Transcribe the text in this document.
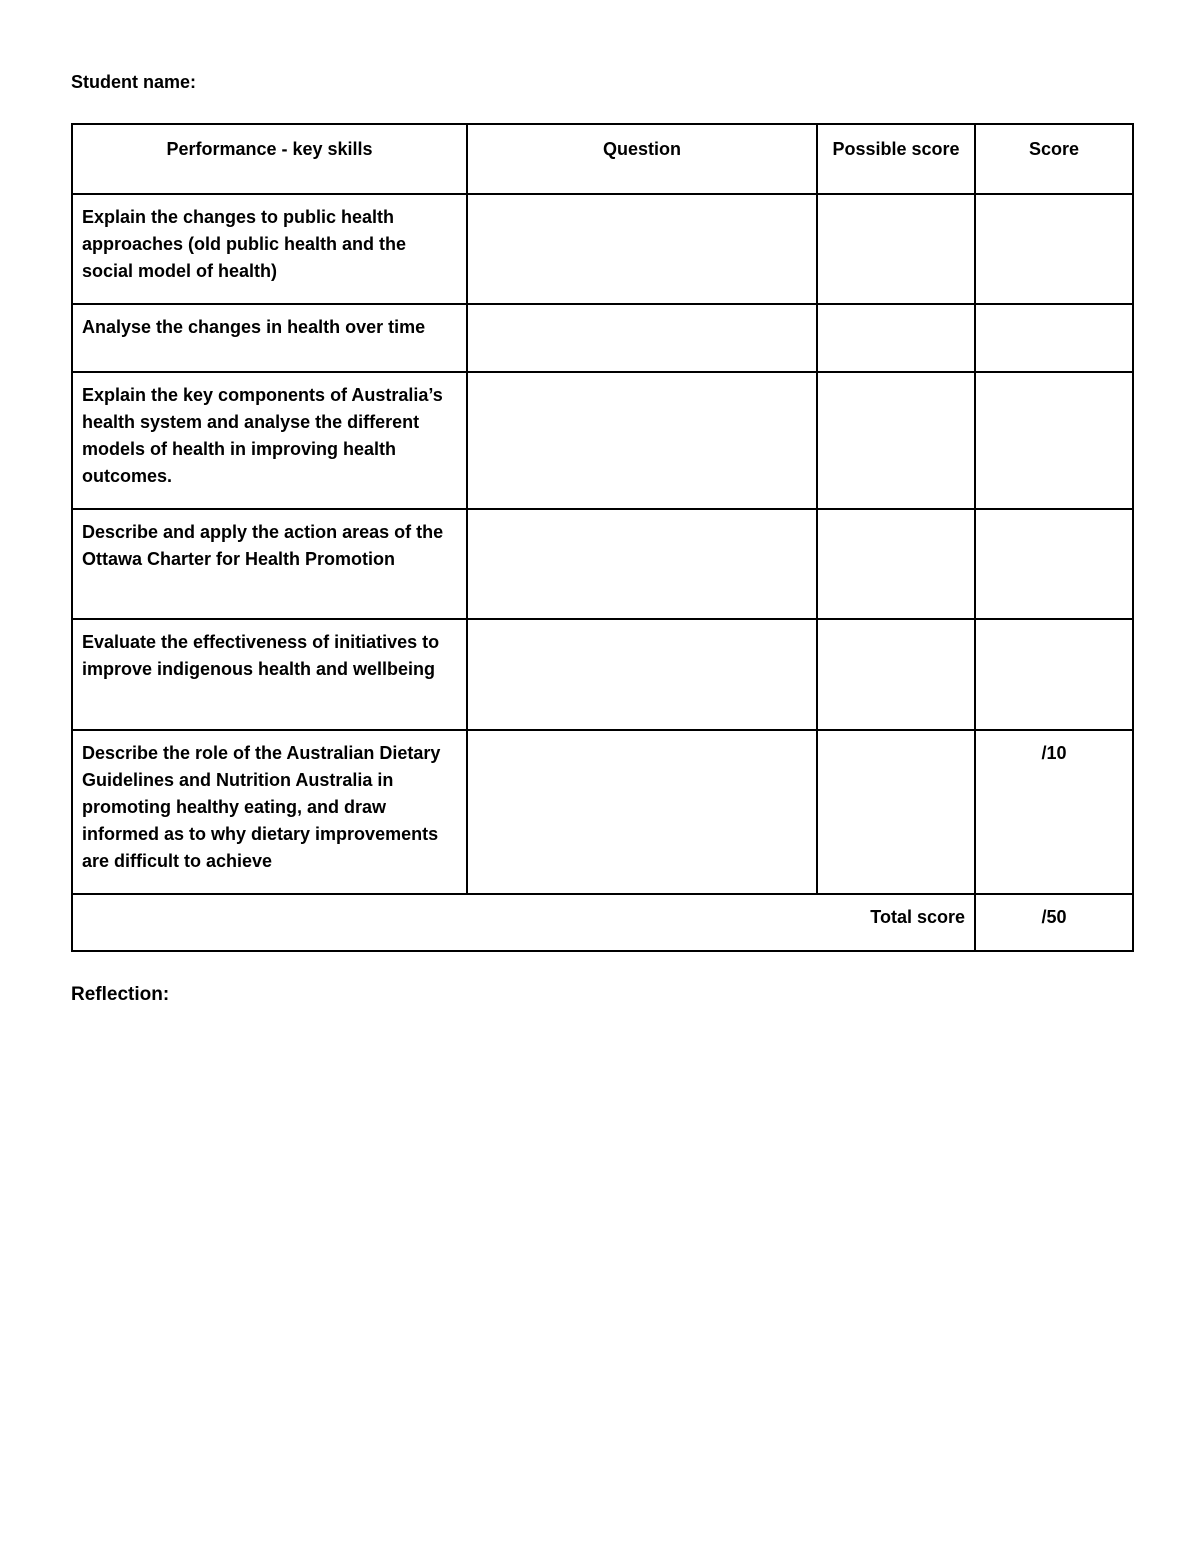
Student name:
Performance - key skills	Question	Possible score	Score
Explain the changes to public health approaches (old public health and the social model of health)			
Analyse the changes in health over time			
Explain the key components of Australia’s health system and analyse the different models of health in improving health outcomes.			
Describe and apply the action areas of the Ottawa Charter for Health Promotion			
Evaluate the effectiveness of initiatives to improve indigenous health and wellbeing			
Describe the role of the Australian Dietary Guidelines and Nutrition Australia in promoting healthy eating, and draw informed as to why dietary improvements are difficult to achieve			/10
Total score			/50
Reflection:
